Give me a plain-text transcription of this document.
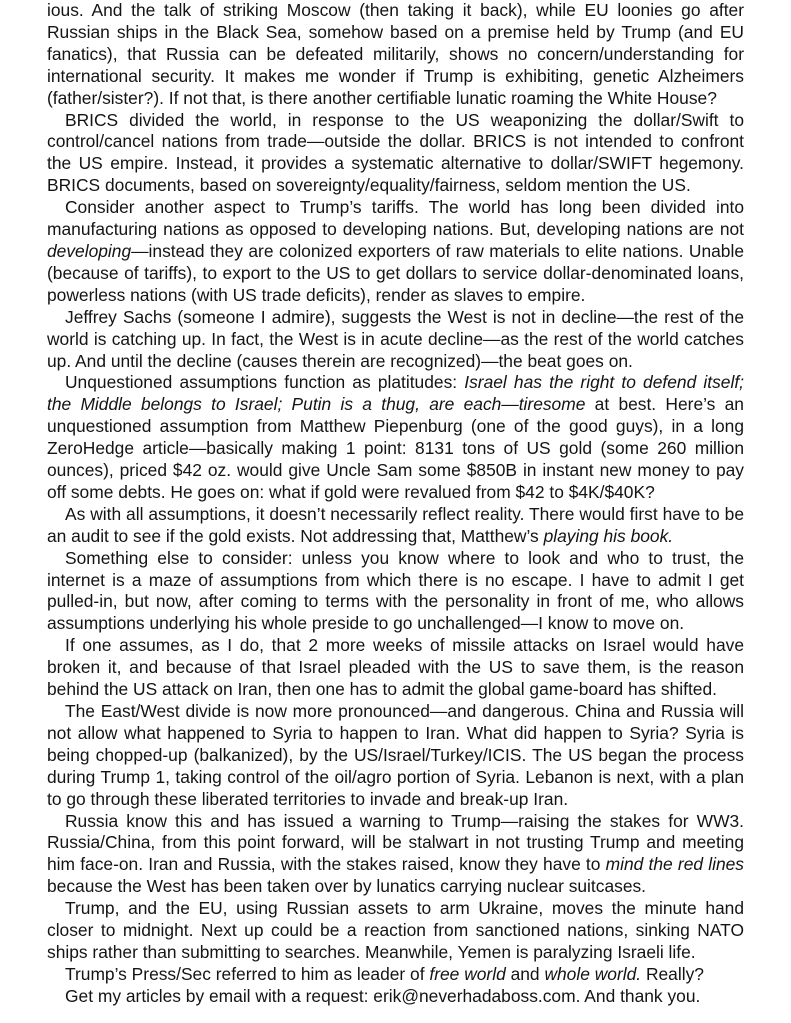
ious. And the talk of striking Moscow (then taking it back), while EU loonies go after Russian ships in the Black Sea, somehow based on a premise held by Trump (and EU fanatics), that Russia can be defeated militarily, shows no concern/understanding for international security. It makes me wonder if Trump is exhibiting, genetic Alzheimers (father/sister?). If not that, is there another certifiable lunatic roaming the White House?

BRICS divided the world, in response to the US weaponizing the dollar/Swift to control/cancel nations from trade—outside the dollar. BRICS is not intended to confront the US empire. Instead, it provides a systematic alternative to dollar/SWIFT hegemony. BRICS documents, based on sovereignty/equality/fairness, seldom mention the US.

Consider another aspect to Trump’s tariffs. The world has long been divided into manufacturing nations as opposed to developing nations. But, developing nations are not developing—instead they are colonized exporters of raw materials to elite nations. Unable (because of tariffs), to export to the US to get dollars to service dollar-denominated loans, powerless nations (with US trade deficits), render as slaves to empire.

Jeffrey Sachs (someone I admire), suggests the West is not in decline—the rest of the world is catching up. In fact, the West is in acute decline—as the rest of the world catches up. And until the decline (causes therein are recognized)—the beat goes on.

Unquestioned assumptions function as platitudes: Israel has the right to defend itself; the Middle belongs to Israel; Putin is a thug, are each—tiresome at best. Here’s an unquestioned assumption from Matthew Piepenburg (one of the good guys), in a long ZeroHedge article—basically making 1 point: 8131 tons of US gold (some 260 million ounces), priced $42 oz. would give Uncle Sam some $850B in instant new money to pay off some debts. He goes on: what if gold were revalued from $42 to $4K/$40K?

As with all assumptions, it doesn’t necessarily reflect reality. There would first have to be an audit to see if the gold exists. Not addressing that, Matthew’s playing his book.

Something else to consider: unless you know where to look and who to trust, the internet is a maze of assumptions from which there is no escape. I have to admit I get pulled-in, but now, after coming to terms with the personality in front of me, who allows assumptions underlying his whole preside to go unchallenged—I know to move on.

If one assumes, as I do, that 2 more weeks of missile attacks on Israel would have broken it, and because of that Israel pleaded with the US to save them, is the reason behind the US attack on Iran, then one has to admit the global game-board has shifted.

The East/West divide is now more pronounced—and dangerous. China and Russia will not allow what happened to Syria to happen to Iran. What did happen to Syria? Syria is being chopped-up (balkanized), by the US/Israel/Turkey/ICIS. The US began the process during Trump 1, taking control of the oil/agro portion of Syria. Lebanon is next, with a plan to go through these liberated territories to invade and break-up Iran.

Russia know this and has issued a warning to Trump—raising the stakes for WW3. Russia/China, from this point forward, will be stalwart in not trusting Trump and meeting him face-on. Iran and Russia, with the stakes raised, know they have to mind the red lines because the West has been taken over by lunatics carrying nuclear suitcases.

Trump, and the EU, using Russian assets to arm Ukraine, moves the minute hand closer to midnight. Next up could be a reaction from sanctioned nations, sinking NATO ships rather than submitting to searches. Meanwhile, Yemen is paralyzing Israeli life.

Trump’s Press/Sec referred to him as leader of free world and whole world. Really?

Get my articles by email with a request: erik@neverhadaboss.com. And thank you.
